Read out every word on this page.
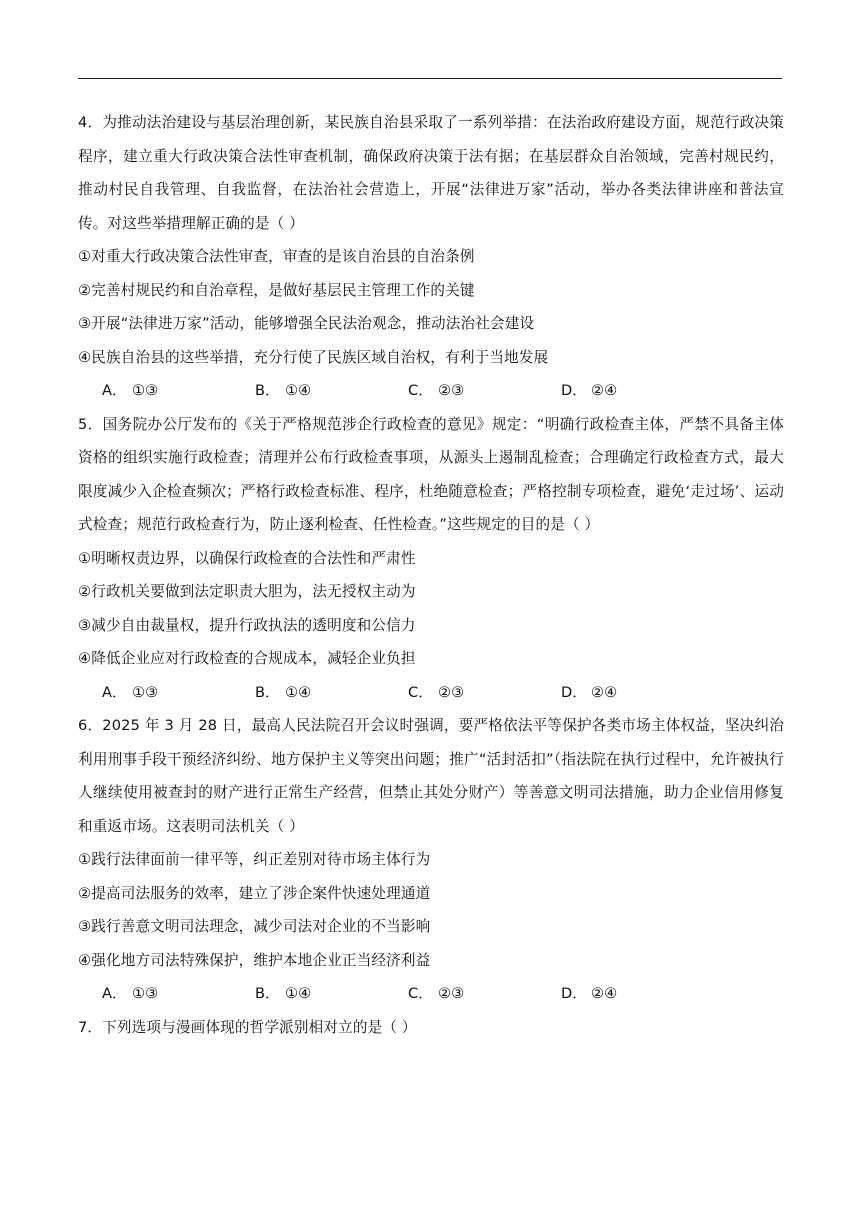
4．为推动法治建设与基层治理创新，某民族自治县采取了一系列举措：在法治政府建设方面，规范行政决策程序，建立重大行政决策合法性审查机制，确保政府决策于法有据；在基层群众自治领域，完善村规民约，推动村民自我管理、自我监督，在法治社会营造上，开展“法律进万家”活动，举办各类法律讲座和普法宣传。对这些举措理解正确的是（ ）

①对重大行政决策合法性审查，审查的是该自治县的自治条例

②完善村规民约和自治章程，是做好基层民主管理工作的关键

③开展“法律进万家”活动，能够增强全民法治观念，推动法治社会建设

④民族自治县的这些举措，充分行使了民族区域自治权，有利于当地发展

A． ①③	B． ①④	C． ②③	D． ②④

5．国务院办公厅发布的《关于严格规范涉企行政检查的意见》规定：“明确行政检查主体，严禁不具备主体资格的组织实施行政检查；清理并公布行政检查事项，从源头上遏制乱检查；合理确定行政检查方式，最大限度减少入企检查频次；严格行政检查标准、程序，杜绝随意检查；严格控制专项检查，避免‘走过场’、运动式检查；规范行政检查行为，防止逐利检查、任性检查。”这些规定的目的是（ ）

①明晰权责边界，以确保行政检查的合法性和严肃性

②行政机关要做到法定职责大胆为，法无授权主动为

③减少自由裁量权，提升行政执法的透明度和公信力

④降低企业应对行政检查的合规成本，减轻企业负担

A． ①③	B． ①④	C． ②③	D． ②④

6．2025 年 3 月 28 日，最高人民法院召开会议时强调，要严格依法平等保护各类市场主体权益，坚决纠治利用刑事手段干预经济纠纷、地方保护主义等突出问题；推广“活封活扣”（指法院在执行过程中，允许被执行人继续使用被查封的财产进行正常生产经营，但禁止其处分财产）等善意文明司法措施，助力企业信用修复和重返市场。这表明司法机关（ ）

①践行法律面前一律平等，纠正差别对待市场主体行为

②提高司法服务的效率，建立了涉企案件快速处理通道

③践行善意文明司法理念，减少司法对企业的不当影响

④强化地方司法特殊保护，维护本地企业正当经济利益

A． ①③	B． ①④	C． ②③	D． ②④

7．下列选项与漫画体现的哲学派别相对立的是（ ）
